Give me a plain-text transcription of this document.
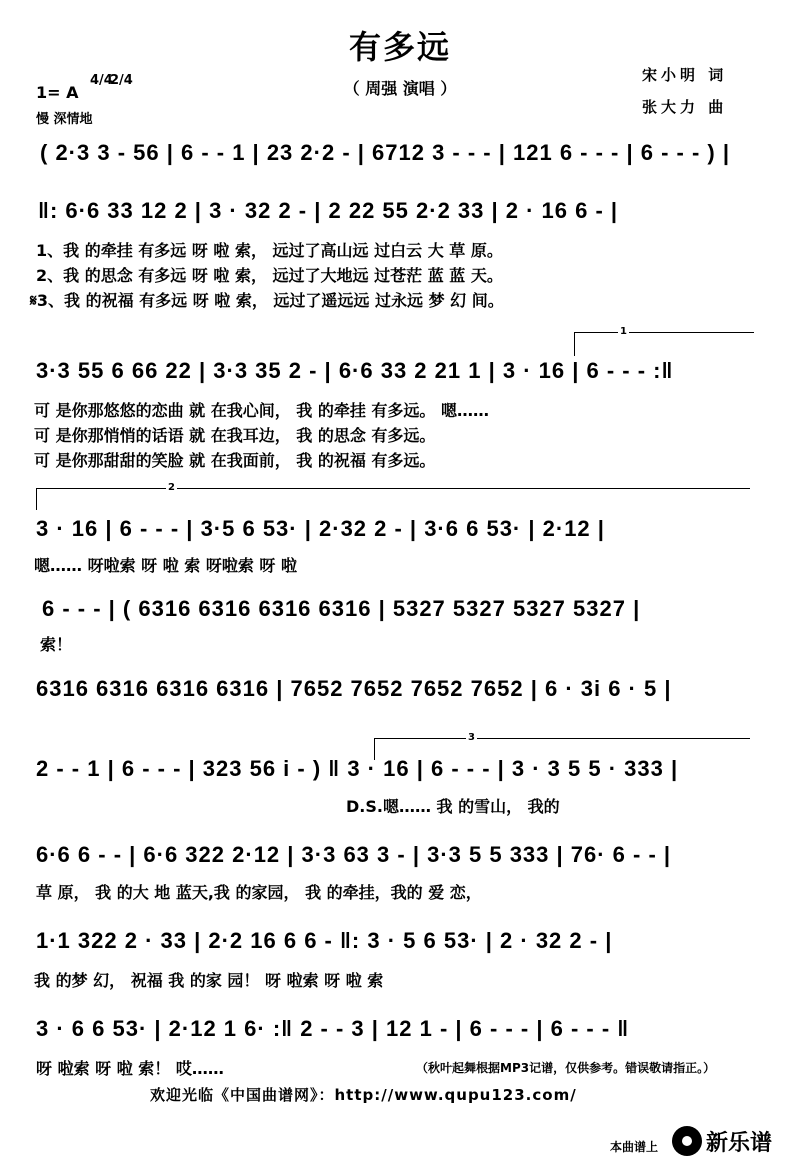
有多远
（ 周强 演唱 ）
1= A
4/4
2/4
慢 深情地
宋小明 词
张大力 曲
( 2·3 3 - 56 | 6 - - 1 | 23 2·2 - | 6712 3 - - - | 121 6 - - - | 6 - - - ) |
‖: 6·6 33 12 2 | 3 · 32 2 - | 2 22 55 2·2 33 | 2 · 16 6 - |
1、我 的牵挂 有多远 呀 啦 索， 远过了高山远 过白云 大 草 原。
2、我 的思念 有多远 呀 啦 索， 远过了大地远 过苍茫 蓝 蓝 天。
𝄋3、我 的祝福 有多远 呀 啦 索， 远过了遥远远 过永远 梦 幻 间。
1
3·3 55 6 66 22 | 3·3 35 2 - | 6·6 33 2 21 1 | 3 · 16 | 6 - - - :‖
可 是你那悠悠的恋曲 就 在我心间， 我 的牵挂 有多远。 嗯……
可 是你那悄悄的话语 就 在我耳边， 我 的思念 有多远。
可 是你那甜甜的笑脸 就 在我面前， 我 的祝福 有多远。
2
3 · 16 | 6 - - - | 3·5 6 53· | 2·32 2 - | 3·6 6 53· | 2·12 |
嗯…… 呀啦索 呀 啦 索 呀啦索 呀 啦
6 - - - | ( 6316 6316 6316 6316 | 5327 5327 5327 5327 |
索！
6316 6316 6316 6316 | 7652 7652 7652 7652 | 6 · 3i 6 · 5 |
3
2 - - 1 | 6 - - - | 323 56 i - ) ‖ 3 · 16 | 6 - - - | 3 · 3 5 5 · 333 |
D.S.嗯…… 我 的雪山， 我的
6·6 6 - - | 6·6 322 2·12 | 3·3 63 3 - | 3·3 5 5 333 | 76· 6 - - |
草 原， 我 的大 地 蓝天,我 的家园， 我 的牵挂，我的 爱 恋，
1·1 322 2 · 33 | 2·2 16 6 6 - ‖: 3 · 5 6 53· | 2 · 32 2 - |
我 的梦 幻， 祝福 我 的家 园！ 呀 啦索 呀 啦 索
3 · 6 6 53· | 2·12 1 6· :‖ 2 - - 3 | 12 1 - | 6 - - - | 6 - - - ‖
呀 啦索 呀 啦 索！ 哎……	（秋叶起舞根据MP3记谱，仅供参考。错误敬请指正。）
欢迎光临《中国曲谱网》：http://www.qupu123.com/
本曲谱上 新乐谱
